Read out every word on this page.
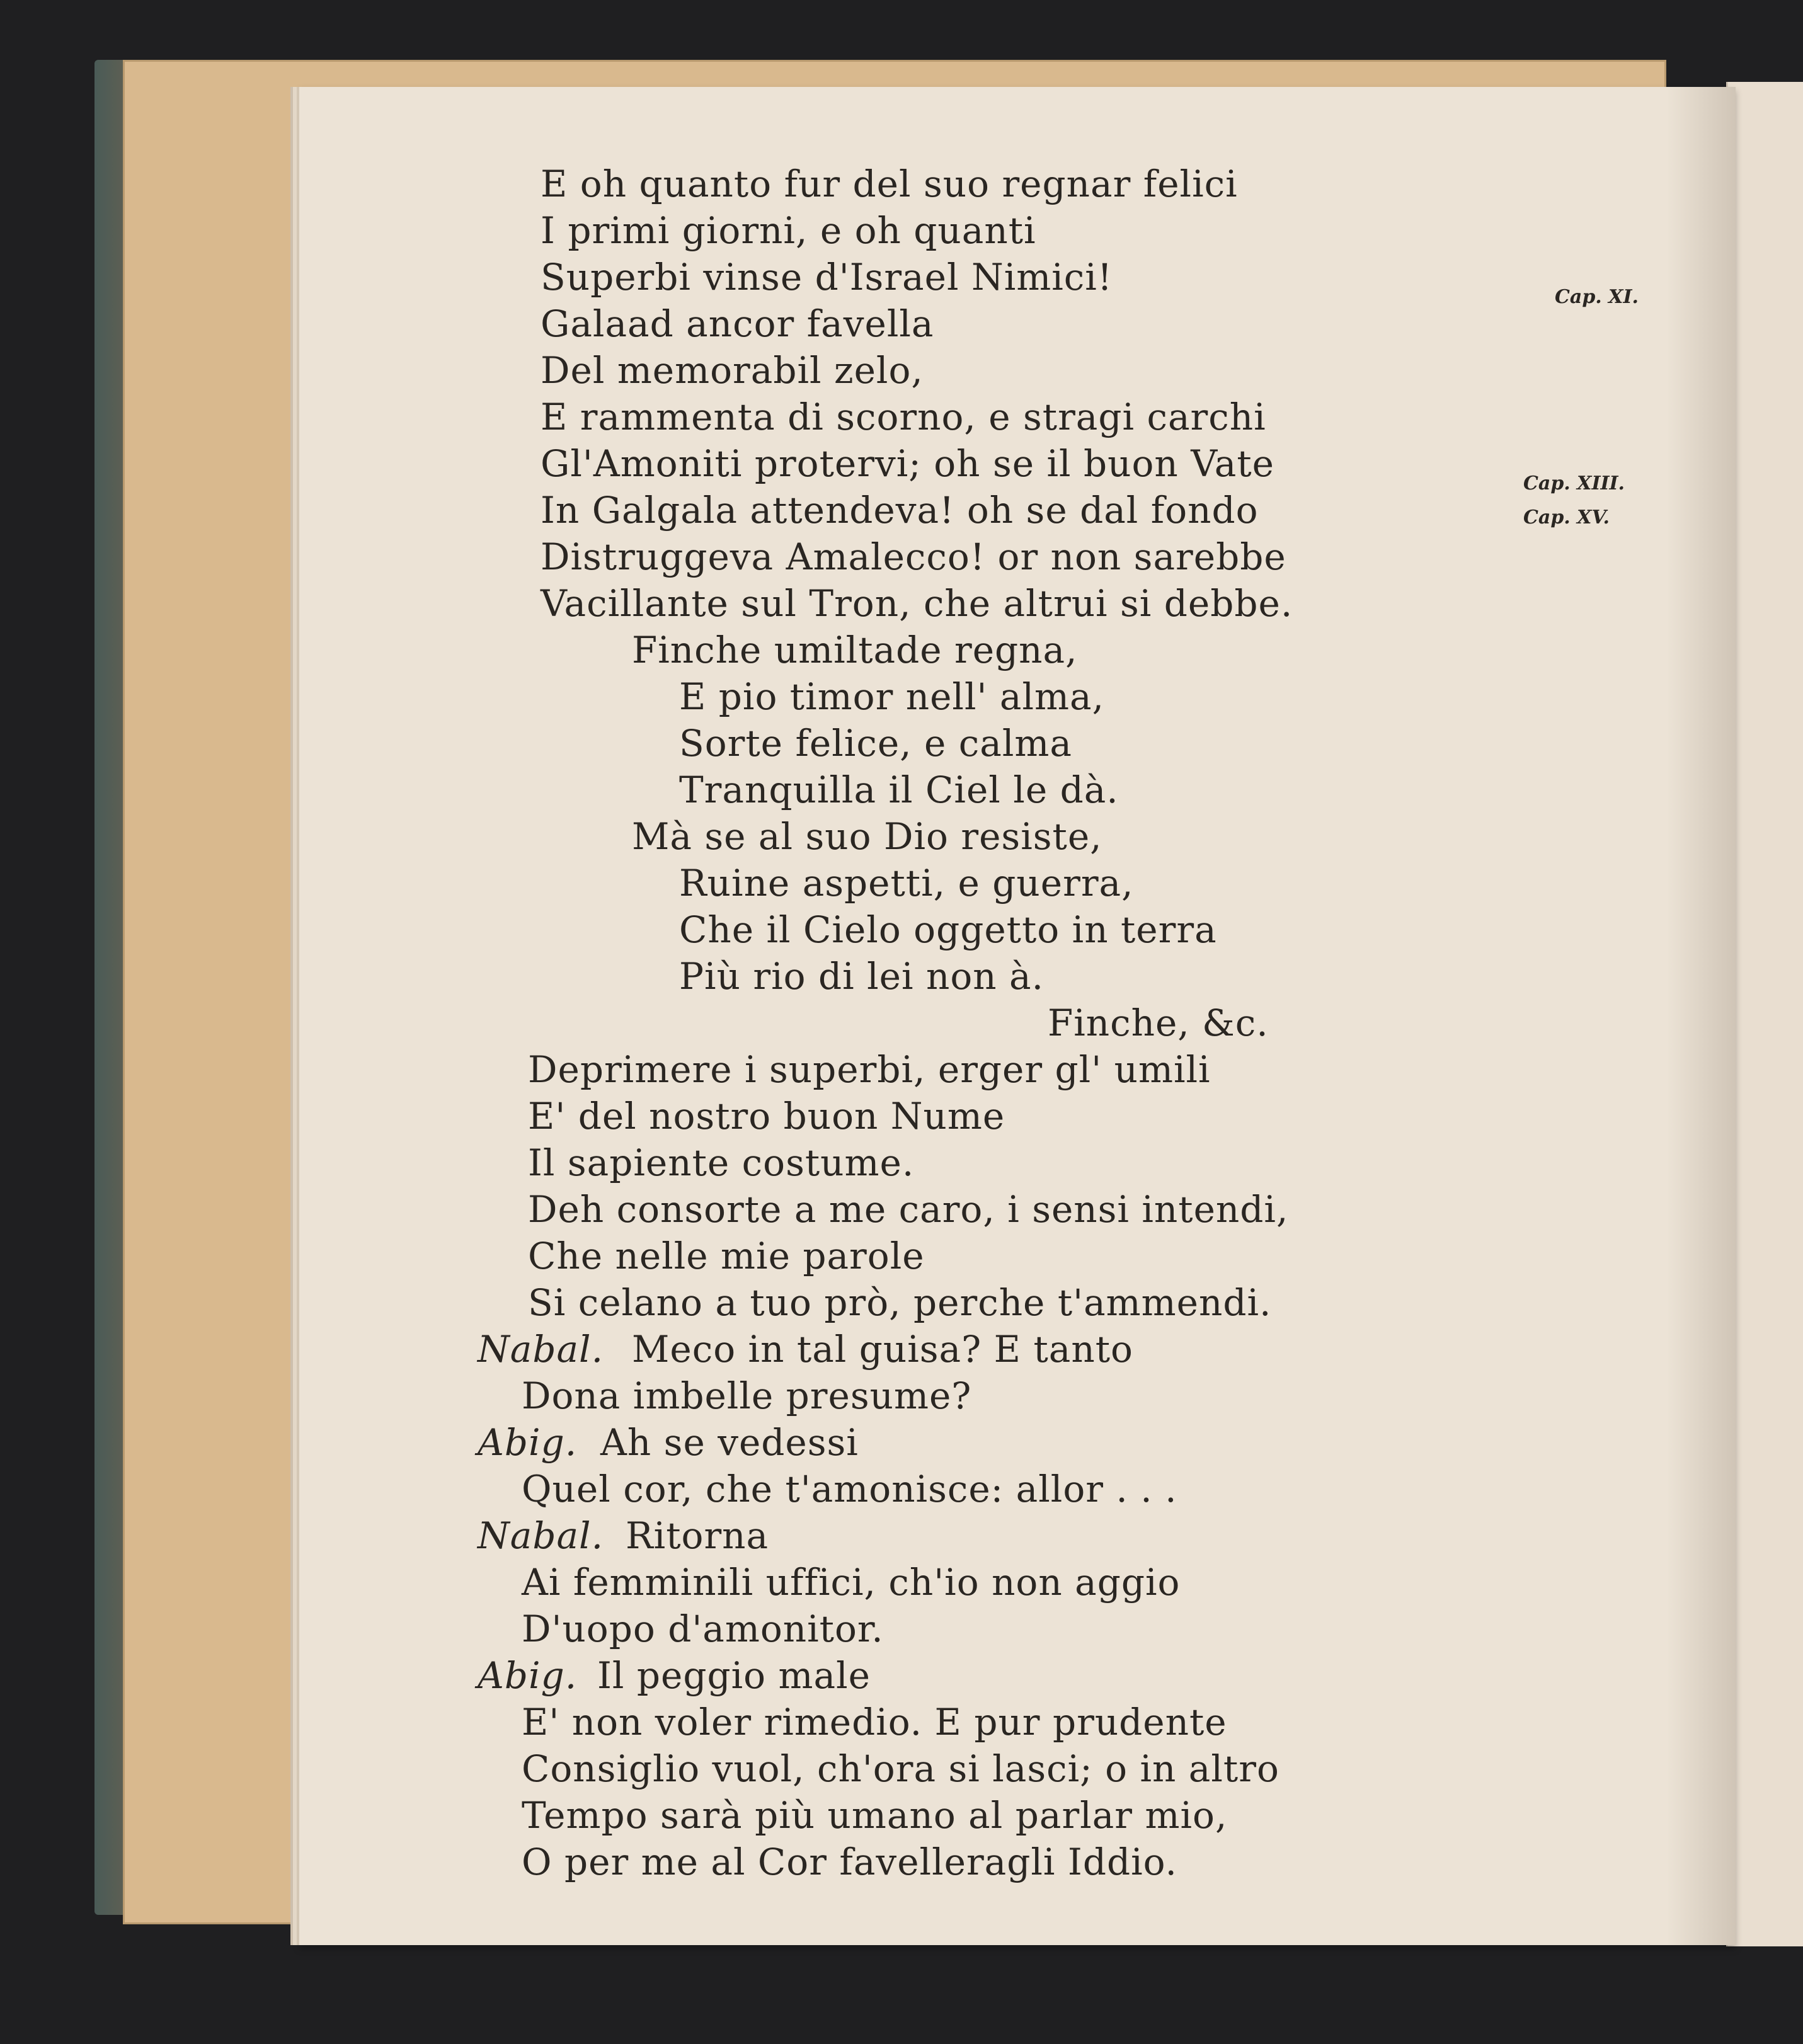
E oh quanto fur del suo regnar felici

I primi giorni, e oh quanti

Superbi vinse d'Israel Nimici!

Galaad ancor favella

Del memorabil zelo,

E rammenta di scorno, e stragi carchi

Gl'Amoniti protervi; oh se il buon Vate

In Galgala attendeva! oh se dal fondo

Distruggeva Amalecco! or non sarebbe

Vacillante sul Tron, che altrui si debbe.

Finche umiltade regna,

E pio timor nell' alma,

Sorte felice, e calma

Tranquilla il Ciel le dà.

Mà se al suo Dio resiste,

Ruine aspetti, e guerra,

Che il Cielo oggetto in terra

Più rio di lei non à.

Finche, &c.

Deprimere i superbi, erger gl' umili

E' del nostro buon Nume

Il sapiente costume.

Deh consorte a me caro, i sensi intendi,

Che nelle mie parole

Si celano a tuo prò, perche t'ammendi.

Nabal. Meco in tal guisa? E tanto

Dona imbelle presume?

Abig. Ah se vedessi

Quel cor, che t'amonisce: allor . . .

Nabal. Ritorna

Ai femminili uffici, ch'io non aggio

D'uopo d'amonitor.

Abig. Il peggio male

E' non voler rimedio. E pur prudente

Consiglio vuol, ch'ora si lasci; o in altro

Tempo sarà più umano al parlar mio,

O per me al Cor favelleragli Iddio.

Cap. XI.

Cap. XIII.

Cap. XV.
